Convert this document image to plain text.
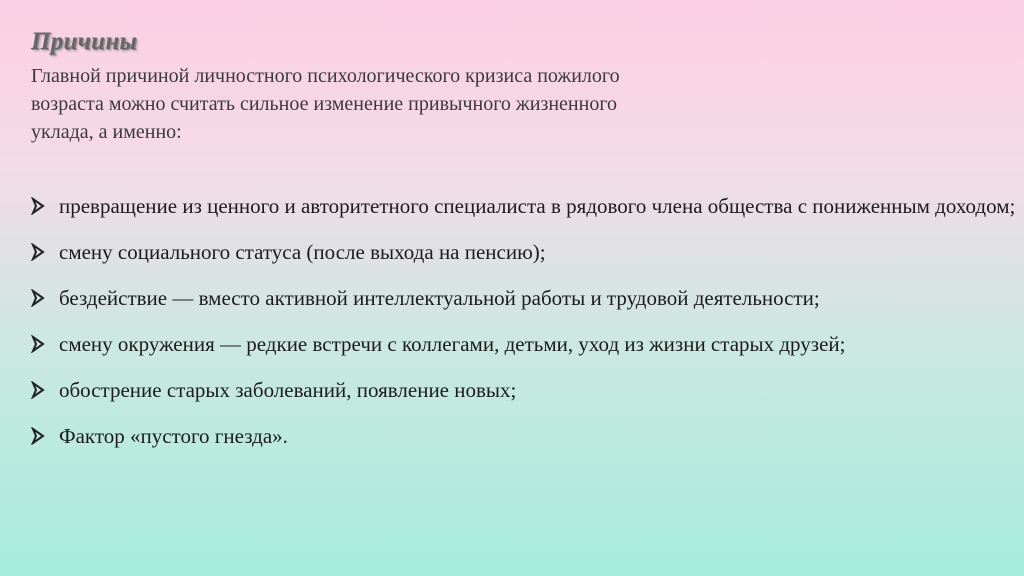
Причины

Главной причиной личностного психологического кризиса пожилого возраста можно считать сильное изменение привычного жизненного уклада, а именно:

превращение из ценного и авторитетного специалиста в рядового члена общества с пониженным доходом;
смену социального статуса (после выхода на пенсию);
бездействие — вместо активной интеллектуальной работы и трудовой деятельности;
смену окружения — редкие встречи с коллегами, детьми, уход из жизни старых друзей;
обострение старых заболеваний, появление новых;
Фактор «пустого гнезда».
